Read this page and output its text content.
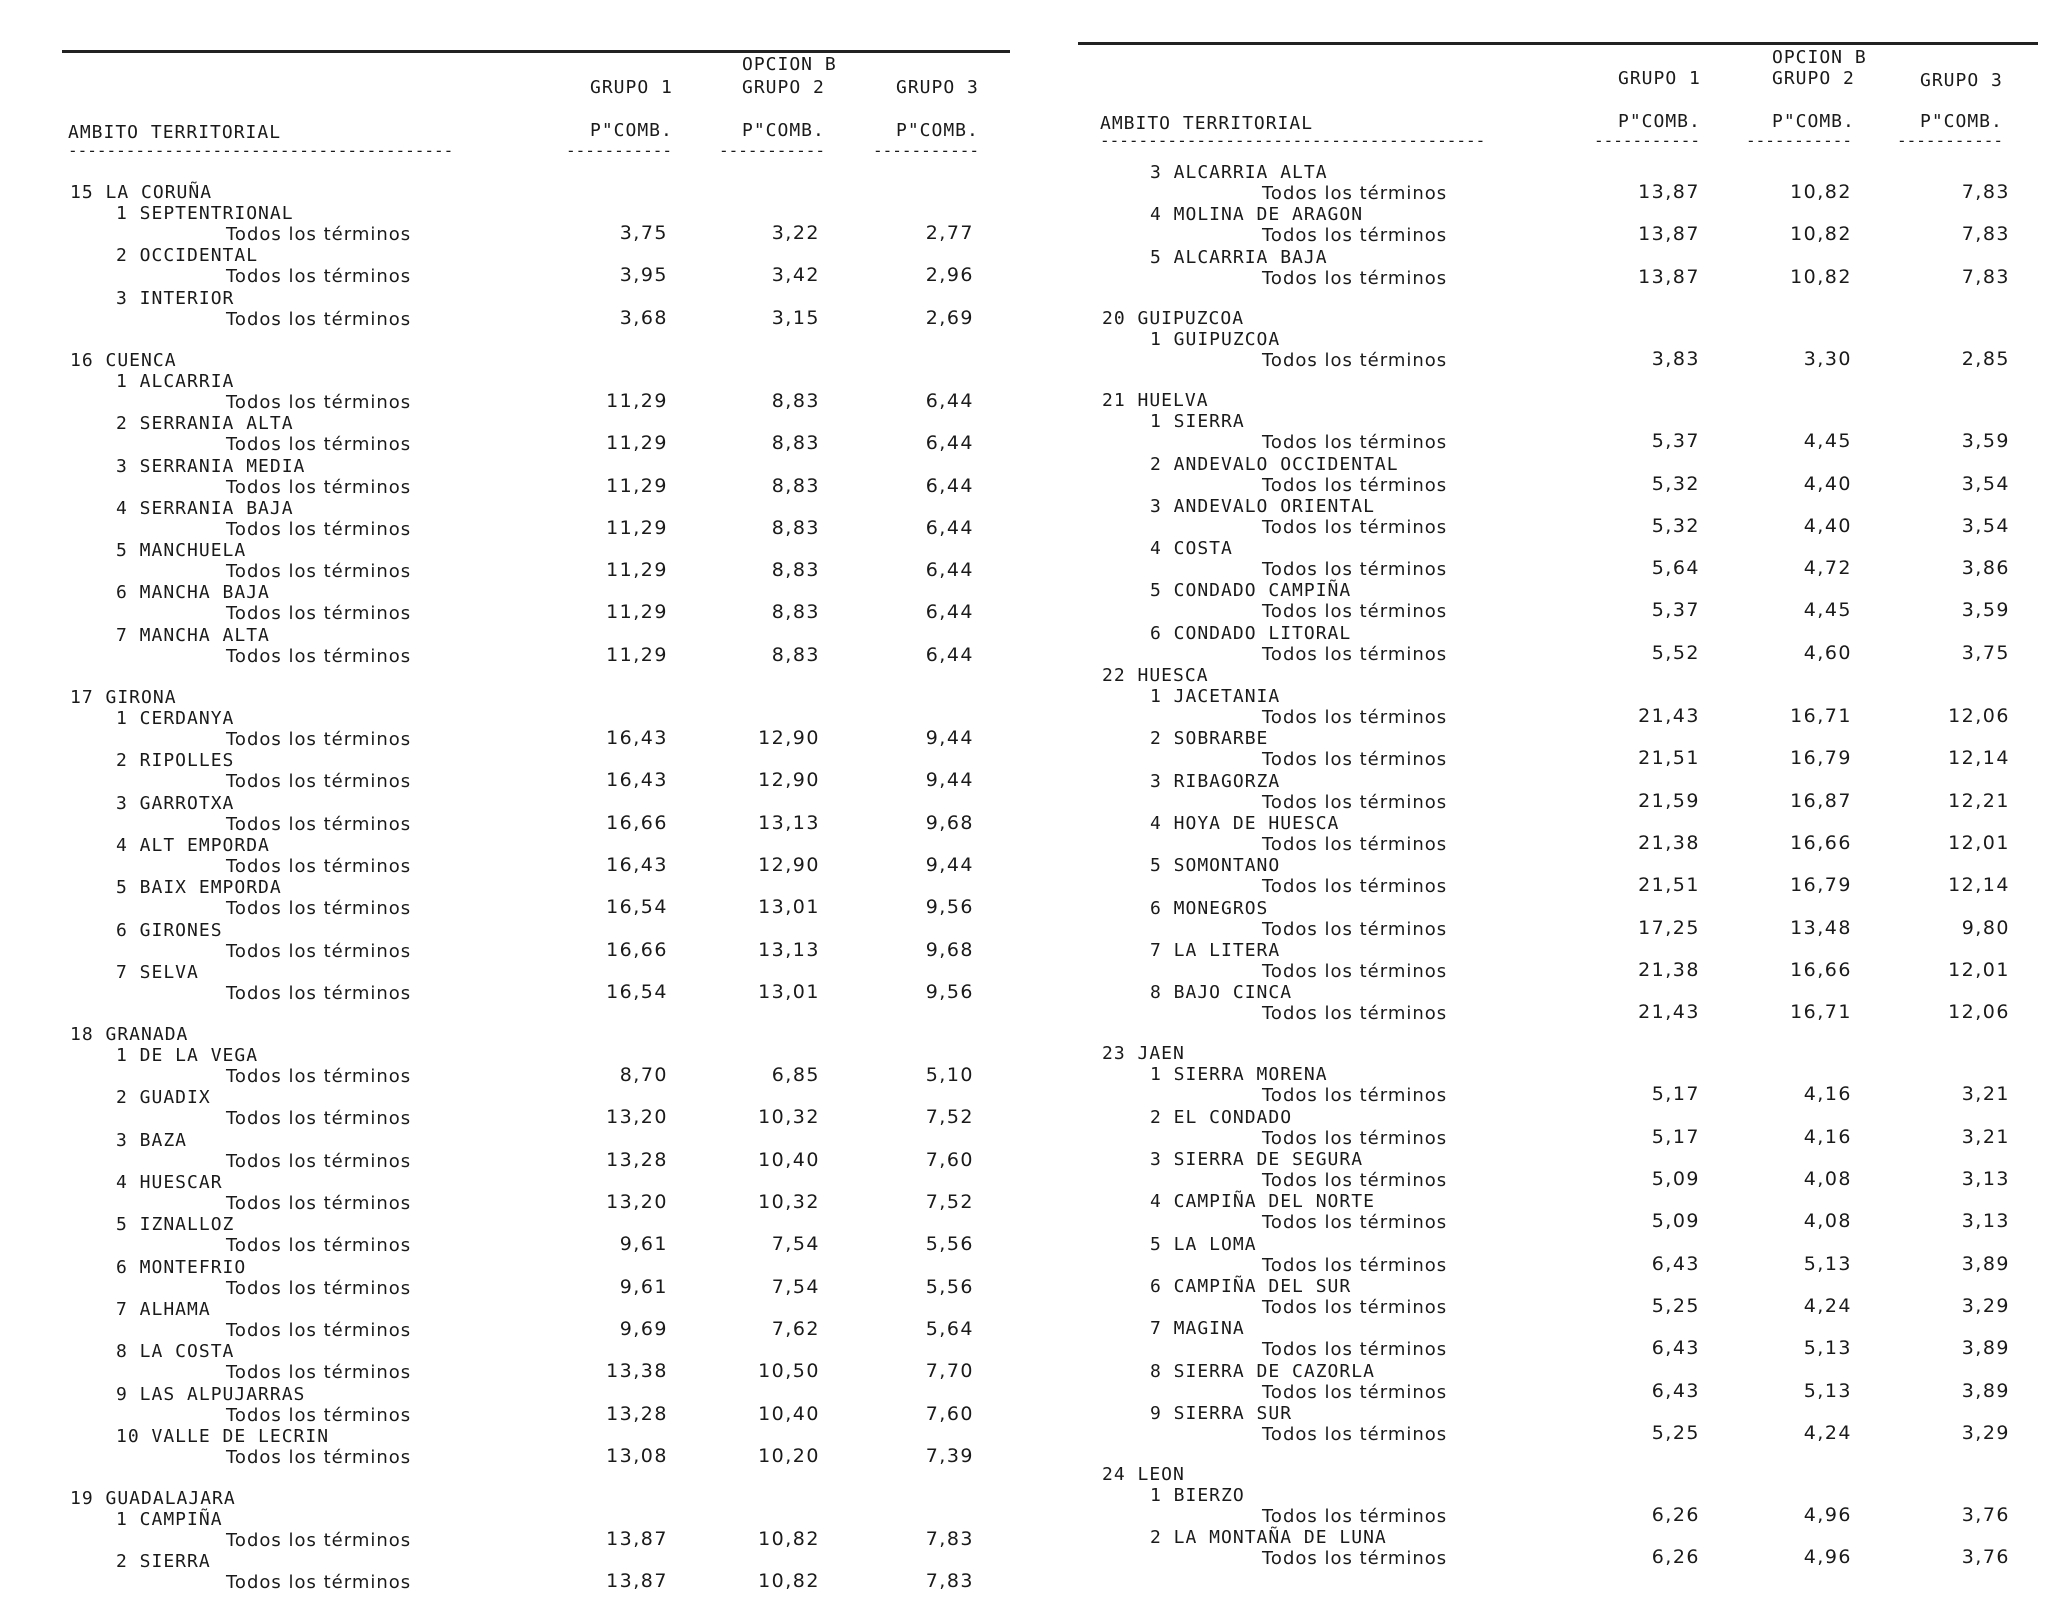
OPCION B
GRUPO 1	GRUPO 2	GRUPO 3
AMBITO TERRITORIAL	P"COMB.	P"COMB.	P"COMB.
----------------------------------------	-----------	-----------	-----------
15 LA CORUÑA
1 SEPTENTRIONAL
Todos los términos	3,75	3,22	2,77
2 OCCIDENTAL
Todos los términos	3,95	3,42	2,96
3 INTERIOR
Todos los términos	3,68	3,15	2,69
16 CUENCA
1 ALCARRIA
Todos los términos	11,29	8,83	6,44
2 SERRANIA ALTA
Todos los términos	11,29	8,83	6,44
3 SERRANIA MEDIA
Todos los términos	11,29	8,83	6,44
4 SERRANIA BAJA
Todos los términos	11,29	8,83	6,44
5 MANCHUELA
Todos los términos	11,29	8,83	6,44
6 MANCHA BAJA
Todos los términos	11,29	8,83	6,44
7 MANCHA ALTA
Todos los términos	11,29	8,83	6,44
17 GIRONA
1 CERDANYA
Todos los términos	16,43	12,90	9,44
2 RIPOLLES
Todos los términos	16,43	12,90	9,44
3 GARROTXA
Todos los términos	16,66	13,13	9,68
4 ALT EMPORDA
Todos los términos	16,43	12,90	9,44
5 BAIX EMPORDA
Todos los términos	16,54	13,01	9,56
6 GIRONES
Todos los términos	16,66	13,13	9,68
7 SELVA
Todos los términos	16,54	13,01	9,56
18 GRANADA
1 DE LA VEGA
Todos los términos	8,70	6,85	5,10
2 GUADIX
Todos los términos	13,20	10,32	7,52
3 BAZA
Todos los términos	13,28	10,40	7,60
4 HUESCAR
Todos los términos	13,20	10,32	7,52
5 IZNALLOZ
Todos los términos	9,61	7,54	5,56
6 MONTEFRIO
Todos los términos	9,61	7,54	5,56
7 ALHAMA
Todos los términos	9,69	7,62	5,64
8 LA COSTA
Todos los términos	13,38	10,50	7,70
9 LAS ALPUJARRAS
Todos los términos	13,28	10,40	7,60
10 VALLE DE LECRIN
Todos los términos	13,08	10,20	7,39
19 GUADALAJARA
1 CAMPIÑA
Todos los términos	13,87	10,82	7,83
2 SIERRA
Todos los términos	13,87	10,82	7,83
OPCION B
GRUPO 1	GRUPO 2	GRUPO 3
AMBITO TERRITORIAL	P"COMB.	P"COMB.	P"COMB.
----------------------------------------	-----------	-----------	-----------
3 ALCARRIA ALTA
Todos los términos	13,87	10,82	7,83
4 MOLINA DE ARAGON
Todos los términos	13,87	10,82	7,83
5 ALCARRIA BAJA
Todos los términos	13,87	10,82	7,83
20 GUIPUZCOA
1 GUIPUZCOA
Todos los términos	3,83	3,30	2,85
21 HUELVA
1 SIERRA
Todos los términos	5,37	4,45	3,59
2 ANDEVALO OCCIDENTAL
Todos los términos	5,32	4,40	3,54
3 ANDEVALO ORIENTAL
Todos los términos	5,32	4,40	3,54
4 COSTA
Todos los términos	5,64	4,72	3,86
5 CONDADO CAMPIÑA
Todos los términos	5,37	4,45	3,59
6 CONDADO LITORAL
Todos los términos	5,52	4,60	3,75
22 HUESCA
1 JACETANIA
Todos los términos	21,43	16,71	12,06
2 SOBRARBE
Todos los términos	21,51	16,79	12,14
3 RIBAGORZA
Todos los términos	21,59	16,87	12,21
4 HOYA DE HUESCA
Todos los términos	21,38	16,66	12,01
5 SOMONTANO
Todos los términos	21,51	16,79	12,14
6 MONEGROS
Todos los términos	17,25	13,48	9,80
7 LA LITERA
Todos los términos	21,38	16,66	12,01
8 BAJO CINCA
Todos los términos	21,43	16,71	12,06
23 JAEN
1 SIERRA MORENA
Todos los términos	5,17	4,16	3,21
2 EL CONDADO
Todos los términos	5,17	4,16	3,21
3 SIERRA DE SEGURA
Todos los términos	5,09	4,08	3,13
4 CAMPIÑA DEL NORTE
Todos los términos	5,09	4,08	3,13
5 LA LOMA
Todos los términos	6,43	5,13	3,89
6 CAMPIÑA DEL SUR
Todos los términos	5,25	4,24	3,29
7 MAGINA
Todos los términos	6,43	5,13	3,89
8 SIERRA DE CAZORLA
Todos los términos	6,43	5,13	3,89
9 SIERRA SUR
Todos los términos	5,25	4,24	3,29
24 LEON
1 BIERZO
Todos los términos	6,26	4,96	3,76
2 LA MONTAÑA DE LUNA
Todos los términos	6,26	4,96	3,76
